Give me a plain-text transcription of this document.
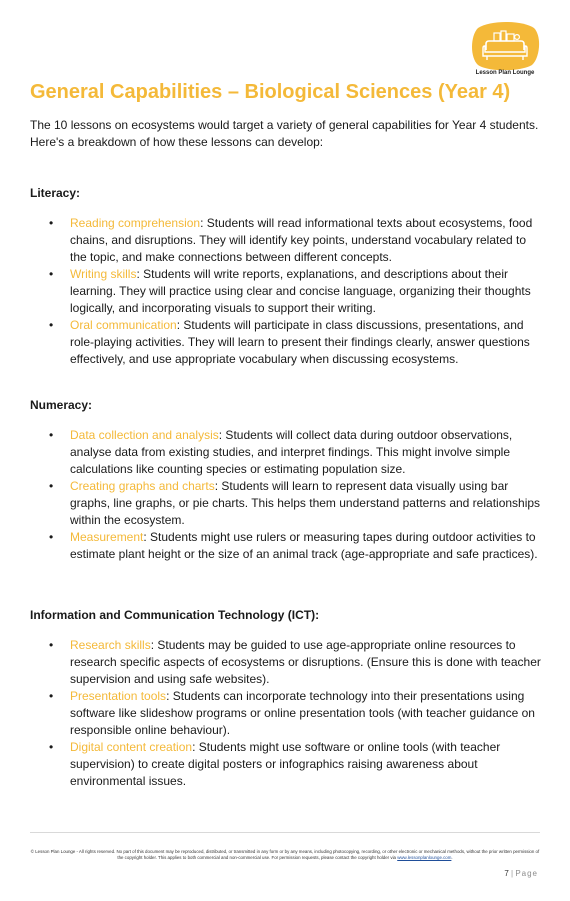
Lesson Plan Lounge
General Capabilities – Biological Sciences (Year 4)

The 10 lessons on ecosystems would target a variety of general capabilities for Year 4 students. Here's a breakdown of how these lessons can develop:

Literacy:
• Reading comprehension: Students will read informational texts about ecosystems, food chains, and disruptions. They will identify key points, understand vocabulary related to the topic, and make connections between different concepts.
• Writing skills: Students will write reports, explanations, and descriptions about their learning. They will practice using clear and concise language, organizing their thoughts logically, and incorporating visuals to support their writing.
• Oral communication: Students will participate in class discussions, presentations, and role-playing activities. They will learn to present their findings clearly, answer questions effectively, and use appropriate vocabulary when discussing ecosystems.
Numeracy:
• Data collection and analysis: Students will collect data during outdoor observations, analyse data from existing studies, and interpret findings. This might involve simple calculations like counting species or estimating population size.
• Creating graphs and charts: Students will learn to represent data visually using bar graphs, line graphs, or pie charts. This helps them understand patterns and relationships within the ecosystem.
• Measurement: Students might use rulers or measuring tapes during outdoor activities to estimate plant height or the size of an animal track (age-appropriate and safe practices).
Information and Communication Technology (ICT):
• Research skills: Students may be guided to use age-appropriate online resources to research specific aspects of ecosystems or disruptions. (Ensure this is done with teacher supervision and using safe websites).
• Presentation tools: Students can incorporate technology into their presentations using software like slideshow programs or online presentation tools (with teacher guidance on responsible online behaviour).
• Digital content creation: Students might use software or online tools (with teacher supervision) to create digital posters or infographics raising awareness about environmental issues.

© Lesson Plan Lounge - All rights reserved. No part of this document may be reproduced, distributed, or transmitted in any form or by any means, including photocopying, recording, or other electronic or mechanical methods, without the prior written permission of the copyright holder. This applies to both commercial and non-commercial use. For permission requests, please contact the copyright holder via www.lessonplanlounge.com.

7 | Page
